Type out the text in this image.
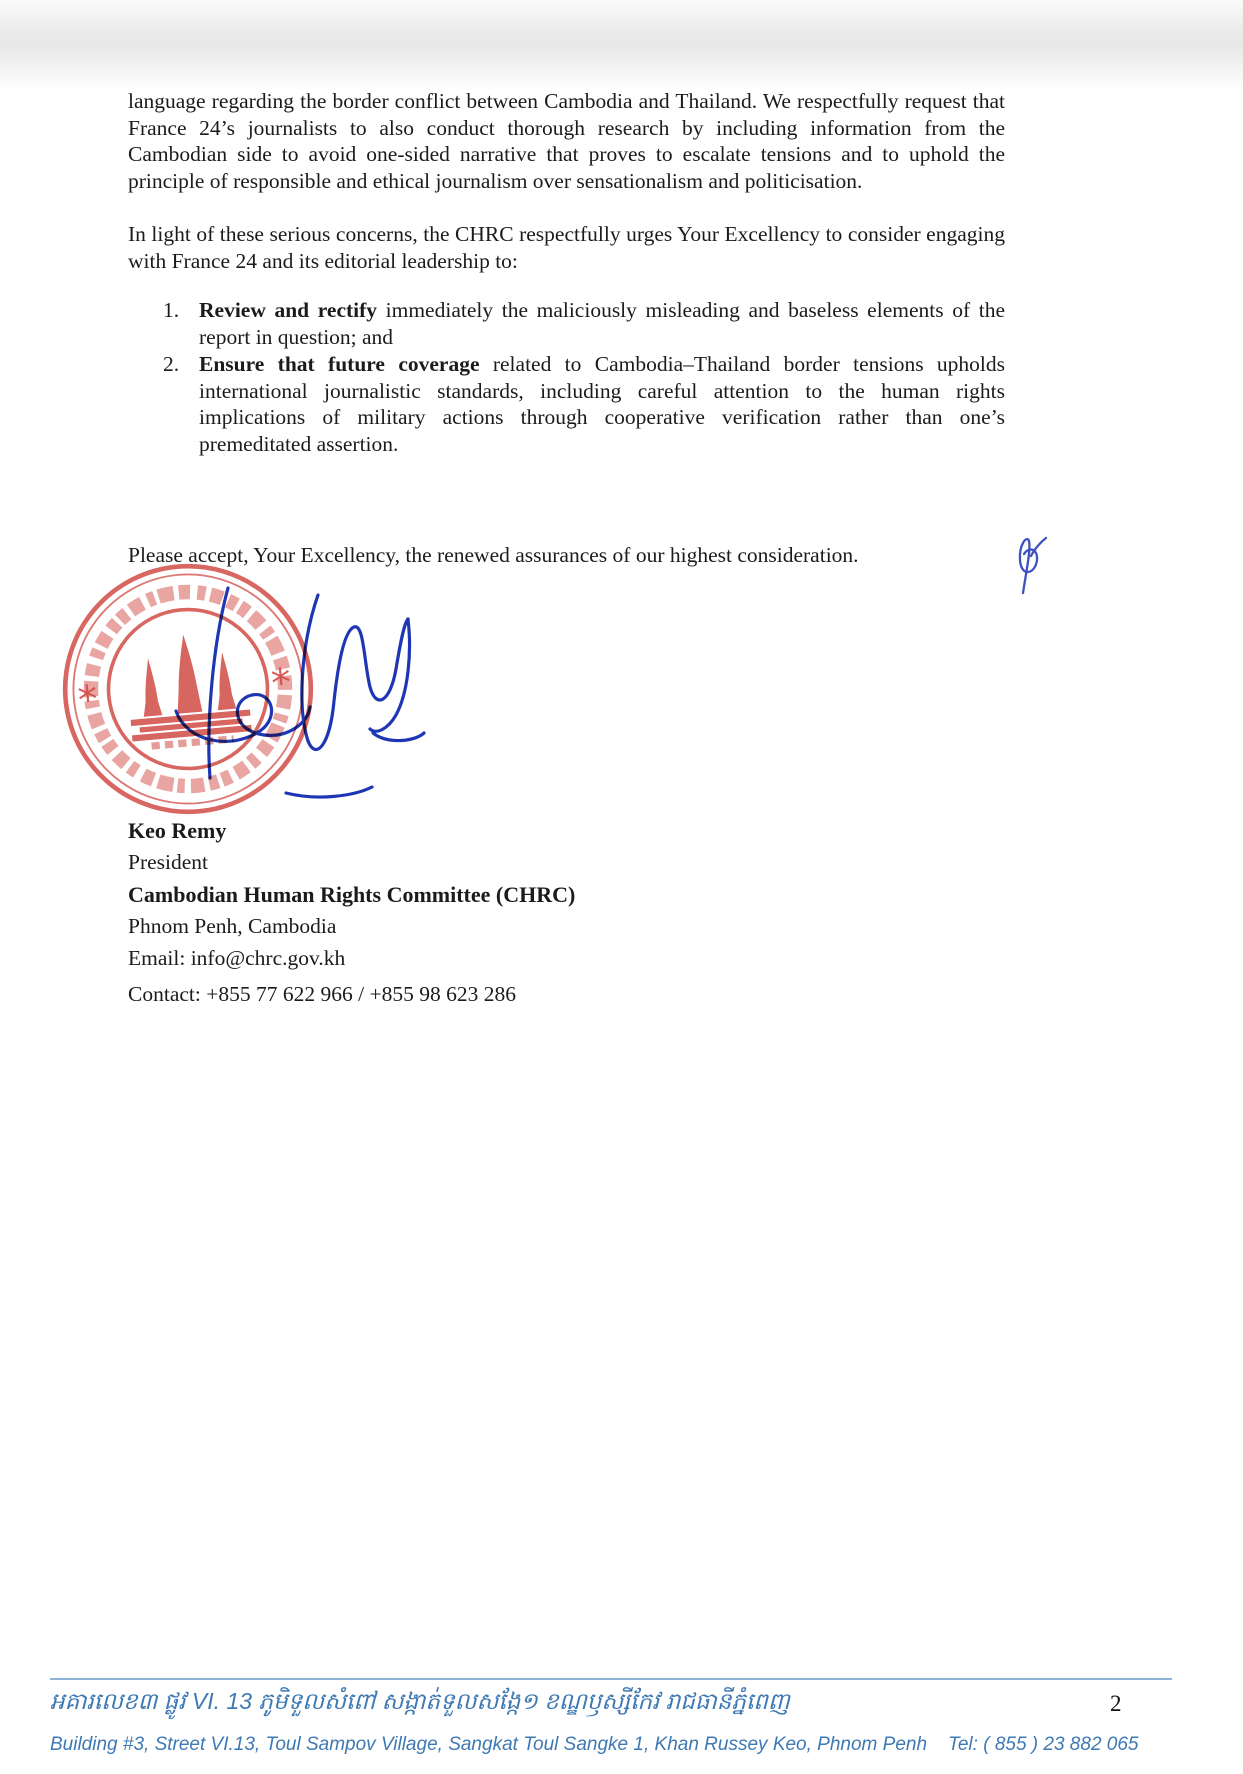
language regarding the border conflict between Cambodia and Thailand. We respectfully request that France 24’s journalists to also conduct thorough research by including information from the Cambodian side to avoid one-sided narrative that proves to escalate tensions and to uphold the principle of responsible and ethical journalism over sensationalism and politicisation.

In light of these serious concerns, the CHRC respectfully urges Your Excellency to consider engaging with France 24 and its editorial leadership to:

1. Review and rectify immediately the maliciously misleading and baseless elements of the report in question; and
2. Ensure that future coverage related to Cambodia–Thailand border tensions upholds international journalistic standards, including careful attention to the human rights implications of military actions through cooperative verification rather than one’s premeditated assertion.

Please accept, Your Excellency, the renewed assurances of our highest consideration.

*	*
Keo Remy
President
Cambodian Human Rights Committee (CHRC)
Phnom Penh, Cambodia
Email: info@chrc.gov.kh
Contact: +855 77 622 966 / +855 98 623 286
អគារលេខ៣ ផ្លូវ VI. 13 ភូមិទួលសំពៅ សង្កាត់ទួលសង្កែ១ ខណ្ឌឫស្សីកែវ រាជធានីភ្នំពេញ	2
Building #3, Street VI.13, Toul Sampov Village, Sangkat Toul Sangke 1, Khan Russey Keo, Phnom Penh Tel: ( 855 ) 23 882 065
